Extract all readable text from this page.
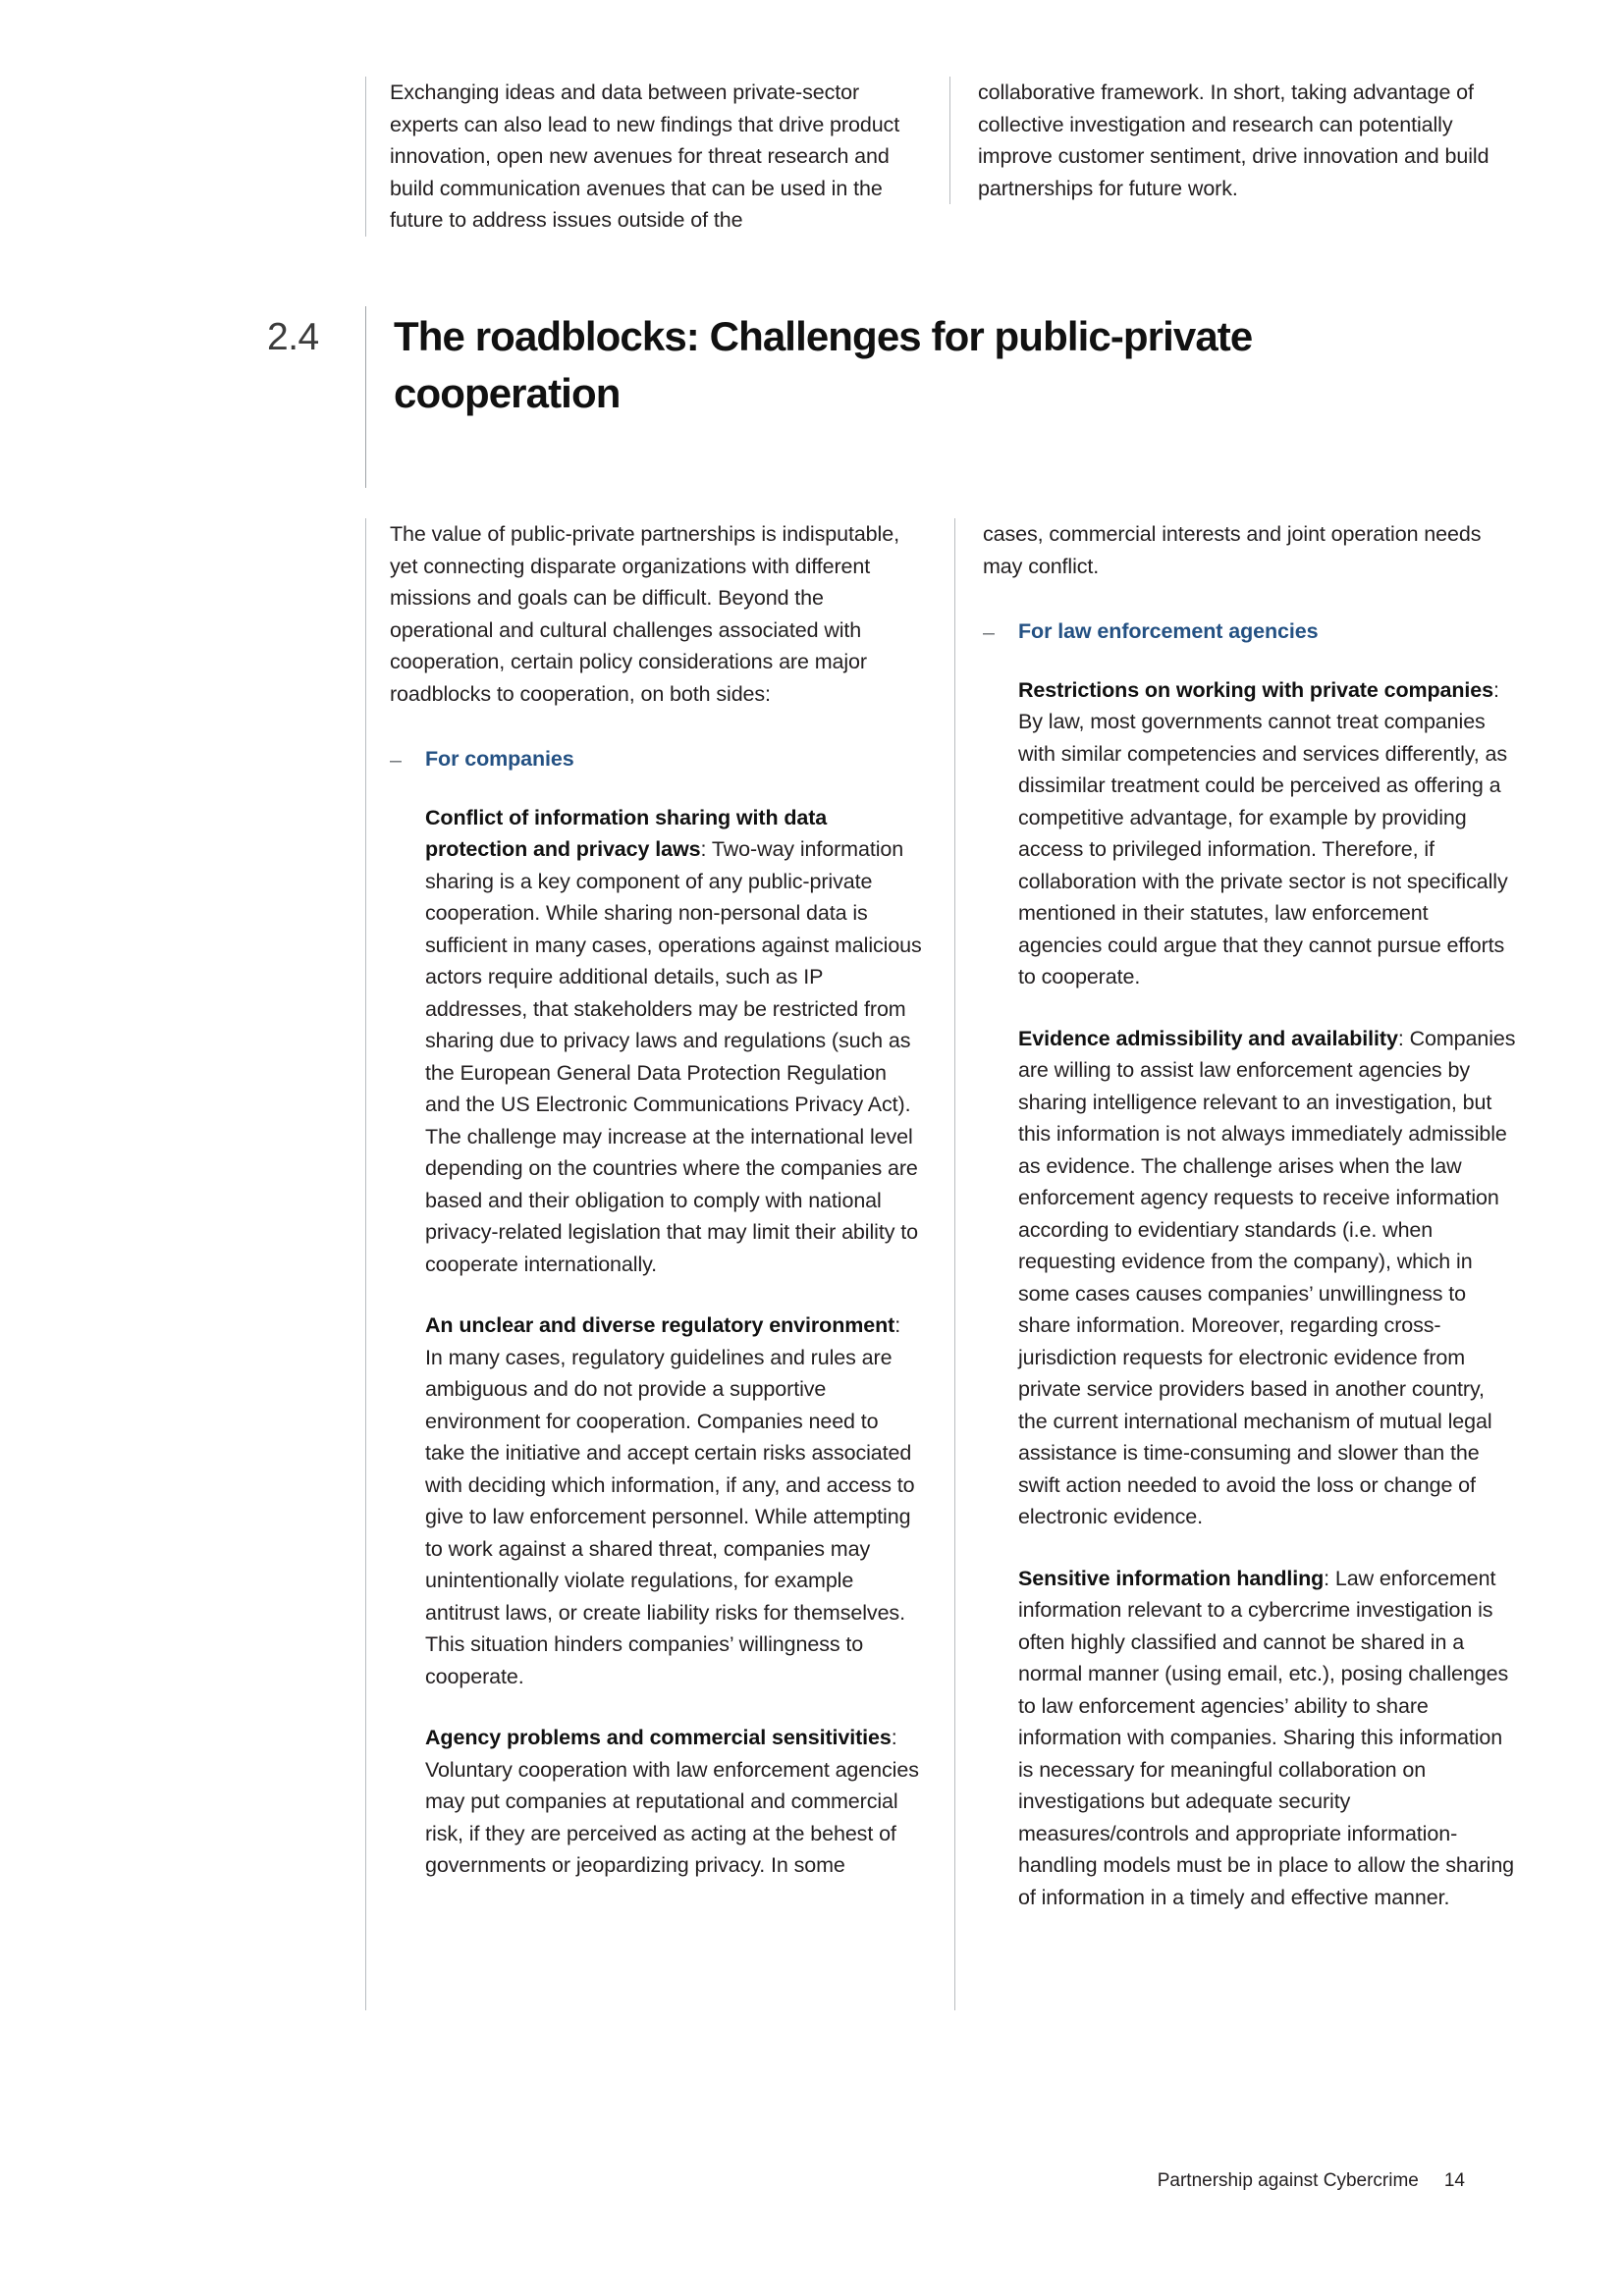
Exchanging ideas and data between private-sector experts can also lead to new findings that drive product innovation, open new avenues for threat research and build communication avenues that can be used in the future to address issues outside of the

collaborative framework. In short, taking advantage of collective investigation and research can potentially improve customer sentiment, drive innovation and build partnerships for future work.

2.4	The roadblocks: Challenges for public-private cooperation

The value of public-private partnerships is indisputable, yet connecting disparate organizations with different missions and goals can be difficult. Beyond the operational and cultural challenges associated with cooperation, certain policy considerations are major roadblocks to cooperation, on both sides:

–	For companies

Conflict of information sharing with data protection and privacy laws: Two-way information sharing is a key component of any public-private cooperation. While sharing non-personal data is sufficient in many cases, operations against malicious actors require additional details, such as IP addresses, that stakeholders may be restricted from sharing due to privacy laws and regulations (such as the European General Data Protection Regulation and the US Electronic Communications Privacy Act). The challenge may increase at the international level depending on the countries where the companies are based and their obligation to comply with national privacy-related legislation that may limit their ability to cooperate internationally.

An unclear and diverse regulatory environment: In many cases, regulatory guidelines and rules are ambiguous and do not provide a supportive environment for cooperation. Companies need to take the initiative and accept certain risks associated with deciding which information, if any, and access to give to law enforcement personnel. While attempting to work against a shared threat, companies may unintentionally violate regulations, for example antitrust laws, or create liability risks for themselves. This situation hinders companies’ willingness to cooperate.

Agency problems and commercial sensitivities: Voluntary cooperation with law enforcement agencies may put companies at reputational and commercial risk, if they are perceived as acting at the behest of governments or jeopardizing privacy. In some

cases, commercial interests and joint operation needs may conflict.

–	For law enforcement agencies

Restrictions on working with private companies: By law, most governments cannot treat companies with similar competencies and services differently, as dissimilar treatment could be perceived as offering a competitive advantage, for example by providing access to privileged information. Therefore, if collaboration with the private sector is not specifically mentioned in their statutes, law enforcement agencies could argue that they cannot pursue efforts to cooperate.

Evidence admissibility and availability: Companies are willing to assist law enforcement agencies by sharing intelligence relevant to an investigation, but this information is not always immediately admissible as evidence. The challenge arises when the law enforcement agency requests to receive information according to evidentiary standards (i.e. when requesting evidence from the company), which in some cases causes companies’ unwillingness to share information. Moreover, regarding cross-jurisdiction requests for electronic evidence from private service providers based in another country, the current international mechanism of mutual legal assistance is time-consuming and slower than the swift action needed to avoid the loss or change of electronic evidence.

Sensitive information handling: Law enforcement information relevant to a cybercrime investigation is often highly classified and cannot be shared in a normal manner (using email, etc.), posing challenges to law enforcement agencies’ ability to share information with companies. Sharing this information is necessary for meaningful collaboration on investigations but adequate security measures/controls and appropriate information-handling models must be in place to allow the sharing of information in a timely and effective manner.

Partnership against Cybercrime 14
